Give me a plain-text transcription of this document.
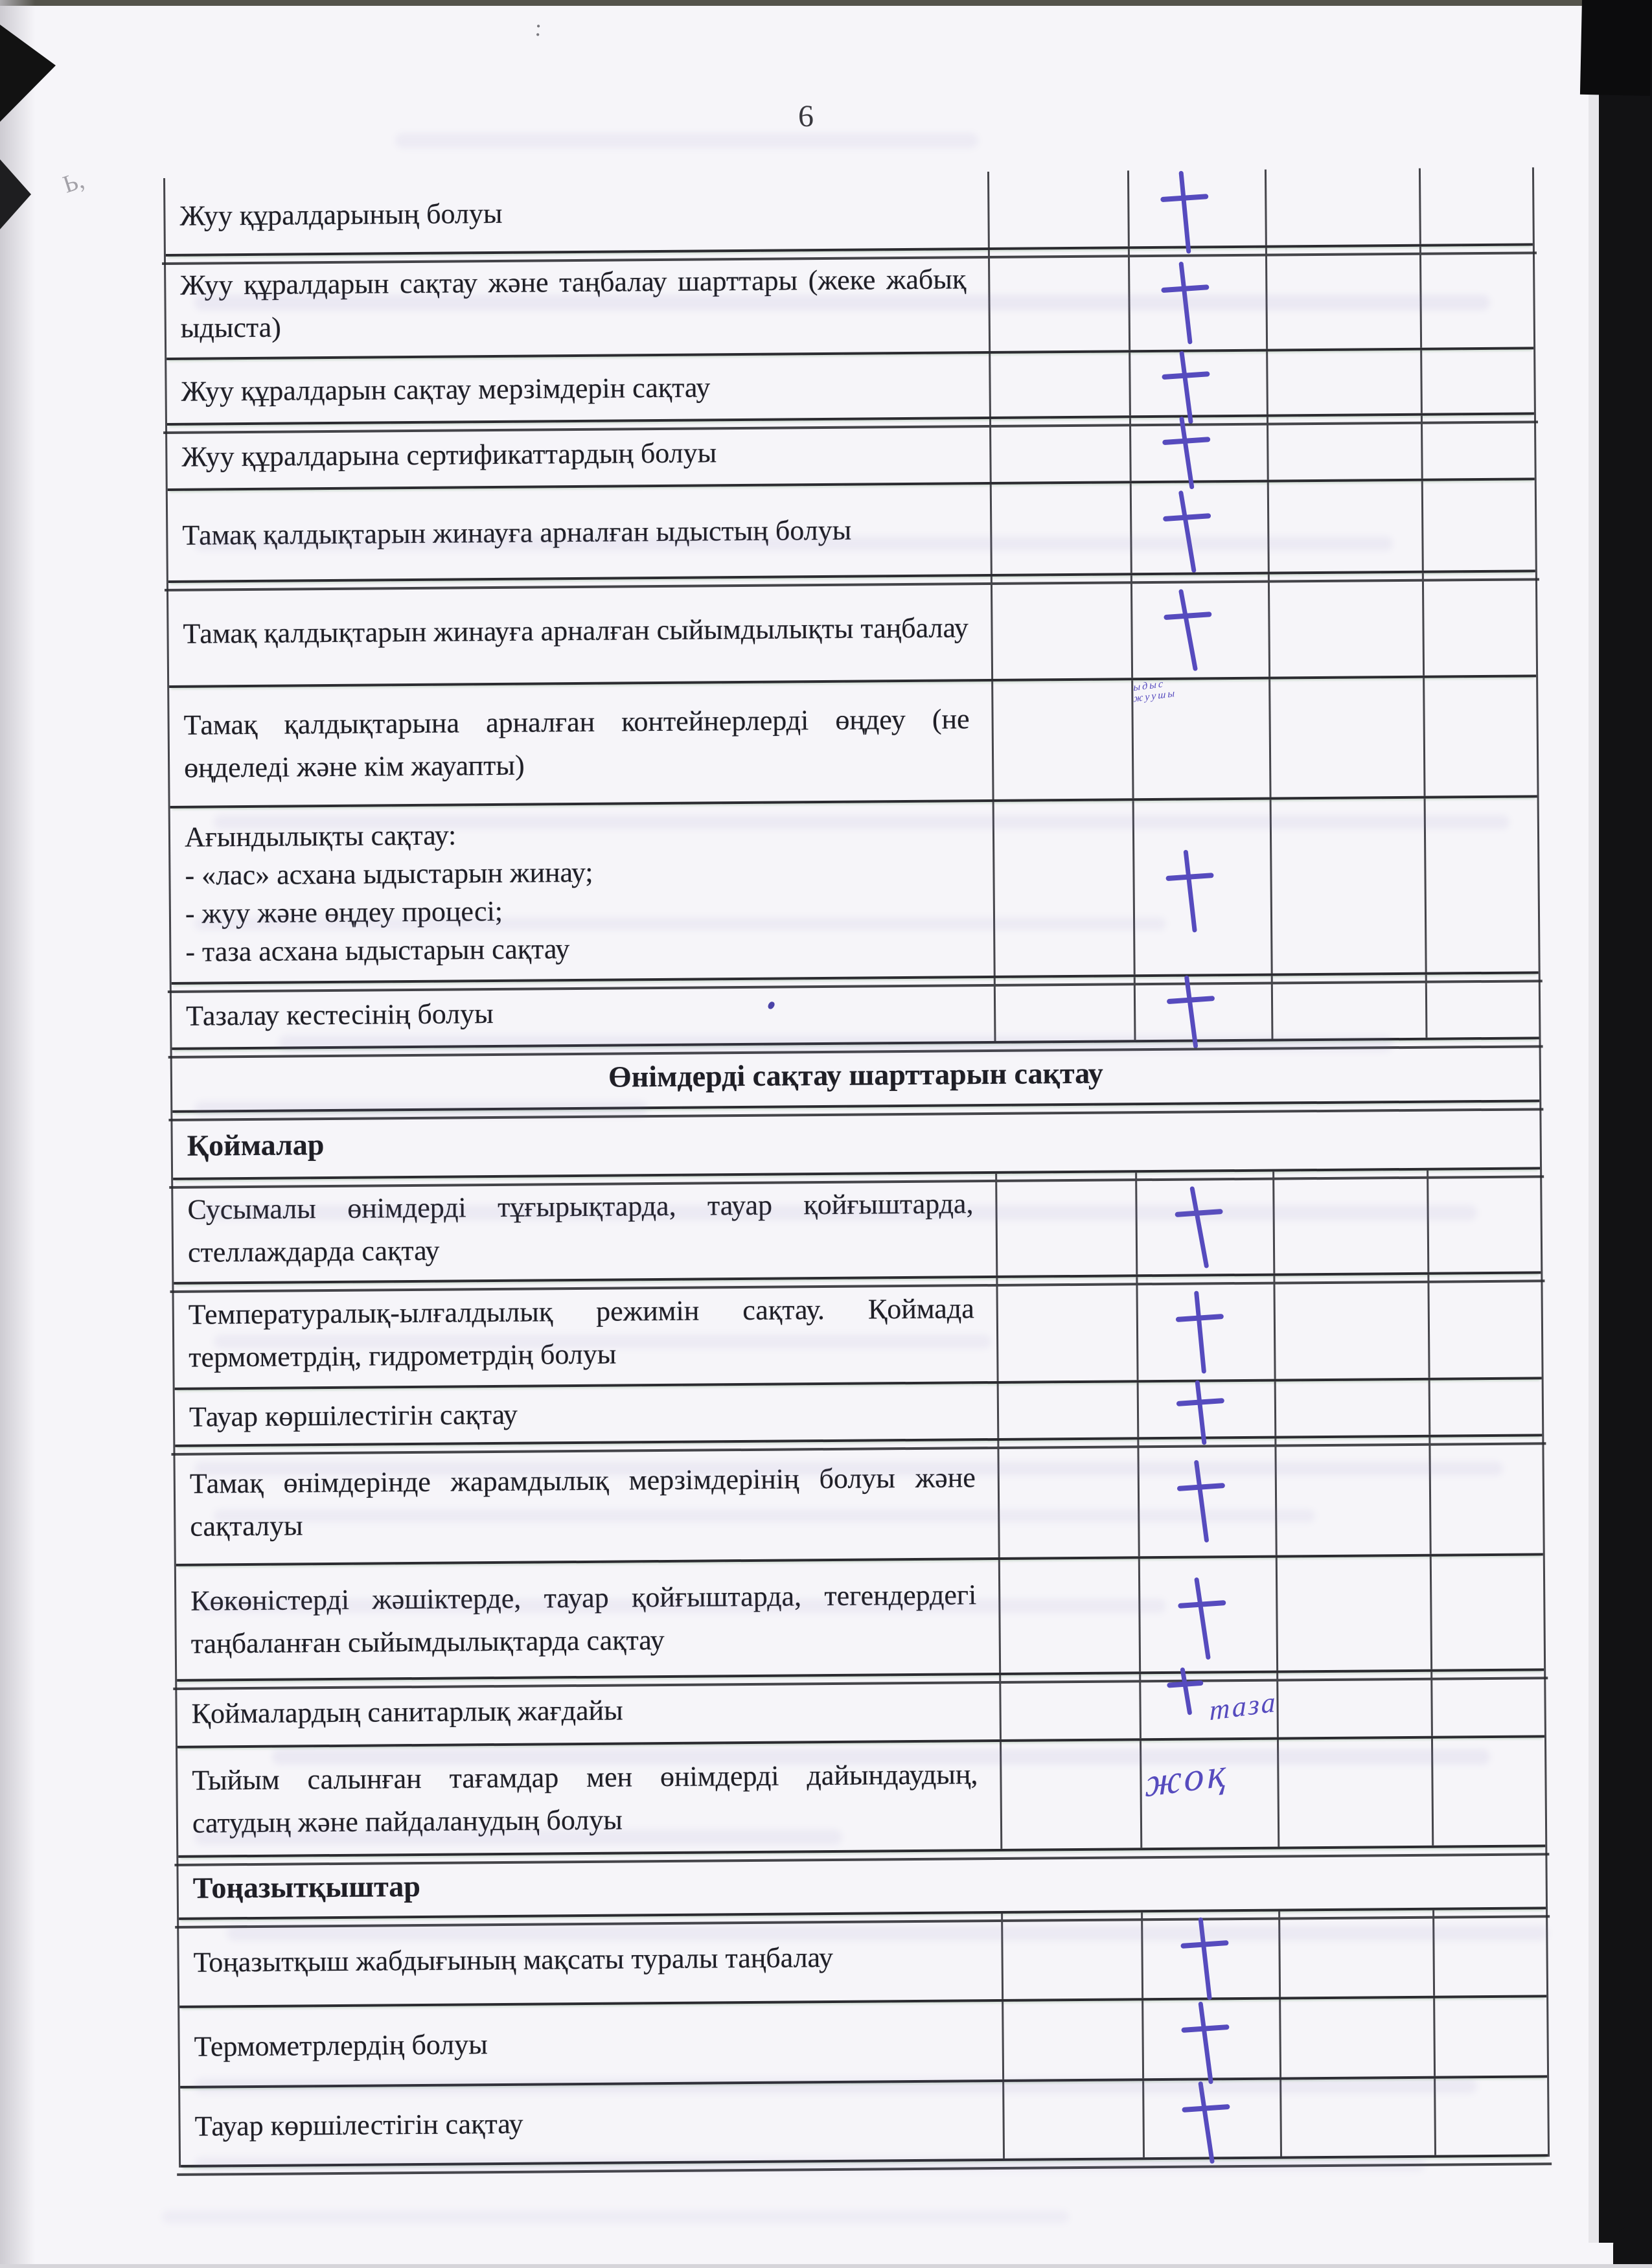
Ь,
:
6
Жуу құралдарының болуы
Жуу құралдарын сақтау және таңбалау шарттары (жеке жабық ыдыста)
Жуу құралдарын сақтау мерзімдерін сақтау
Жуу құралдарына сертификаттардың болуы
Тамақ қалдықтарын жинауға арналған ыдыстың болуы
Тамақ қалдықтарын жинауға арналған сыйымдылықты таңбалау
Тамақ қалдықтарына арналған контейнерлерді өңдеу (не өңделеді және кім жауапты)
ыдыс
жуушы
Ағындылықты сақтау:
- «лас» асхана ыдыстарын жинау;
- жуу және өңдеу процесі;
- таза асхана ыдыстарын сақтау
Тазалау кестесінің болуы
Өнімдерді сақтау шарттарын сақтау
Қоймалар
Сусымалы өнімдерді тұғырықтарда, тауар қойғыштарда, стеллаждарда сақтау
Температуралық-ылғалдылық режимін сақтау. Қоймада термометрдің, гидрометрдің болуы
Тауар көршілестігін сақтау
Тамақ өнімдерінде жарамдылық мерзімдерінің болуы және сақталуы
Көкөністерді жәшіктерде, тауар қойғыштарда, тегендердегі таңбаланған сыйымдылықтарда сақтау
Қоймалардың санитарлық жағдайы	таза
Тыйым салынған тағамдар мен өнімдерді дайындаудың, сатудың және пайдаланудың болуы
жоқ
Тоңазытқыштар
Тоңазытқыш жабдығының мақсаты туралы таңбалау
Термометрлердің болуы
Тауар көршілестігін сақтау
